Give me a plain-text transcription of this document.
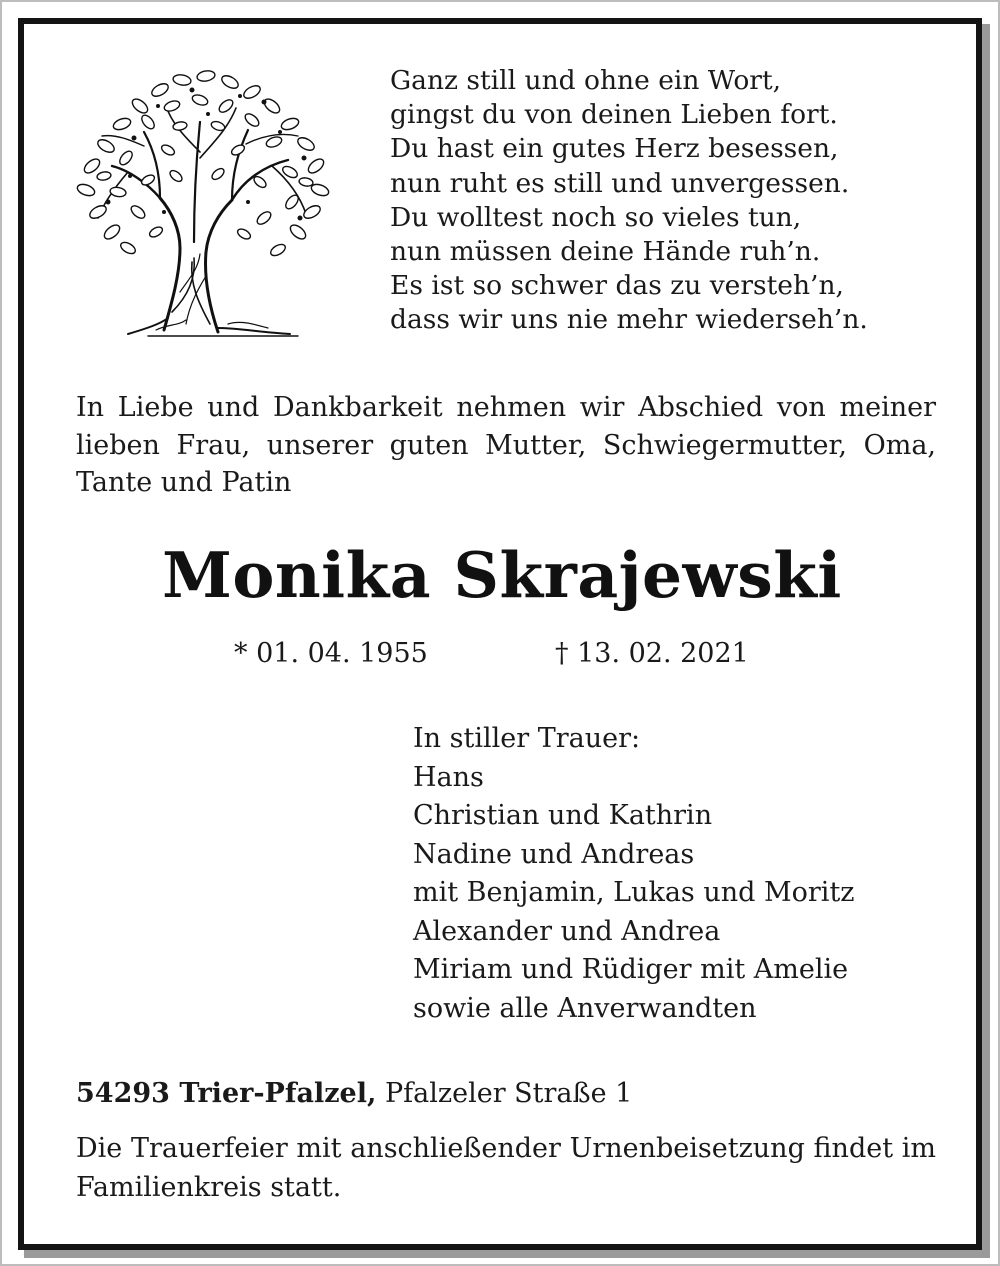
Ganz still und ohne ein Wort,
gingst du von deinen Lieben fort.
Du hast ein gutes Herz besessen,
nun ruht es still und unvergessen.
Du wolltest noch so vieles tun,
nun müssen deine Hände ruh’n.
Es ist so schwer das zu versteh’n,
dass wir uns nie mehr wiederseh’n.

In Liebe und Dankbarkeit nehmen wir Abschied von meiner lieben Frau, unserer guten Mutter, Schwiegermutter, Oma, Tante und Patin

Monika Skrajewski
* 01. 04. 1955	† 13. 02. 2021
In stiller Trauer:
Hans
Christian und Kathrin
Nadine und Andreas
mit Benjamin, Lukas und Moritz
Alexander und Andrea
Miriam und Rüdiger mit Amelie
sowie alle Anverwandten

54293 Trier-Pfalzel, Pfalzeler Straße 1

Die Trauerfeier mit anschließender Urnenbeisetzung findet im Familienkreis statt.
